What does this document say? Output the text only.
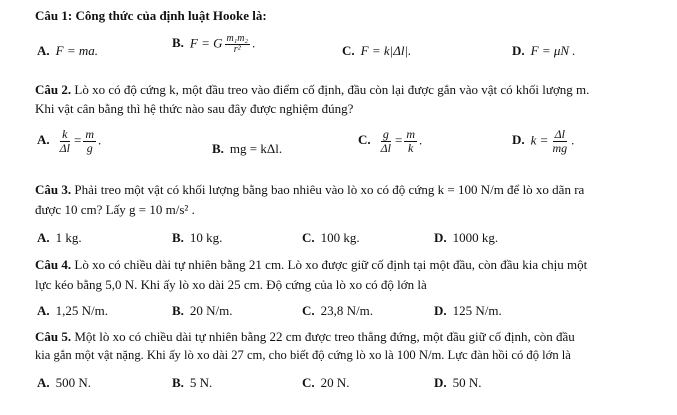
Câu 1: Công thức của định luật Hooke là:
A. F = ma.
B. F = G $\frac{\text{m₁m₂}}{\text{r²}}$ .
C. F = k|Δl|.	D. F = μN .
Câu 2. Lò xo có độ cứng k, một đầu treo vào điểm cố định, đầu còn lại được gắn vào vật có khối lượng m.
Khi vật cân bằng thì hệ thức nào sau đây được nghiệm đúng?
A. $\frac{k}{\Delta l} = \frac{m}{g}$ .
B. mg = kΔl.
C. $\frac{g}{\Delta l} = \frac{m}{k}$ .	D. $k = \frac{\Delta l}{mg}$ .
Câu 3. Phải treo một vật có khối lượng bằng bao nhiêu vào lò xo có độ cứng k = 100 N/m để lò xo dãn ra
được 10 cm? Lấy g = 10 m/s² .
A. 1 kg.	B. 10 kg.	C. 100 kg.	D. 1000 kg.
Câu 4. Lò xo có chiều dài tự nhiên bằng 21 cm. Lò xo được giữ cố định tại một đầu, còn đầu kia chịu một
lực kéo bằng 5,0 N. Khi ấy lò xo dài 25 cm. Độ cứng của lò xo có độ lớn là
A. 1,25 N/m.	B. 20 N/m.	C. 23,8 N/m.	D. 125 N/m.
Câu 5. Một lò xo có chiều dài tự nhiên bằng 22 cm được treo thẳng đứng, một đầu giữ cố định, còn đầu
kia gắn một vật nặng. Khi ấy lò xo dài 27 cm, cho biết độ cứng lò xo là 100 N/m. Lực đàn hồi có độ lớn là
A. 500 N.	B. 5 N.	C. 20 N.	D. 50 N.
